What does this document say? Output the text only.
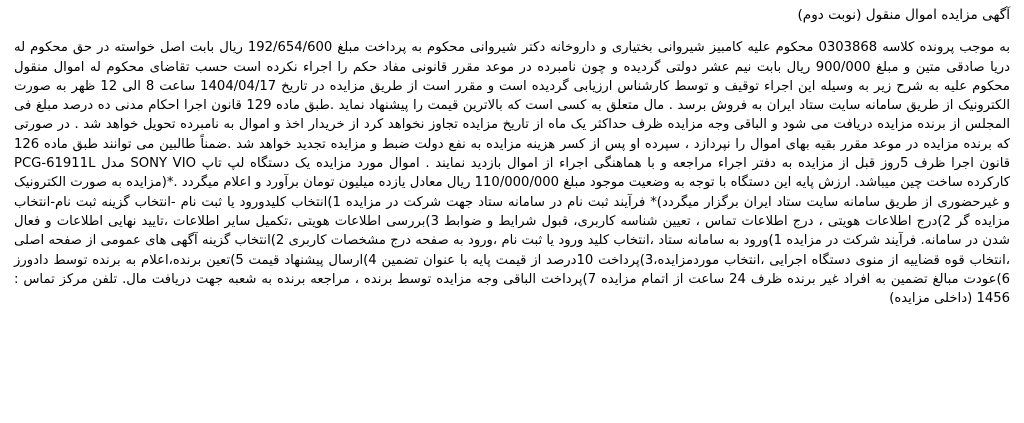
آگهی مزایده اموال منقول (نوبت دوم)
به موجب پرونده کلاسه 0303868 محکوم علیه کامبیز شیروانی بختیاری و داروخانه دکتر شیروانی محکوم به پرداخت مبلغ 192/654/600 ریال بابت اصل خواسته در حق محکوم له دریا صادقی متین و مبلغ 900/000 ریال بابت نیم عشر دولتی گردیده و چون نامبرده در موعد مقرر قانونی مفاد حکم را اجراء نکرده است حسب تقاضای محکوم له اموال منقول محکوم علیه به شرح زیر به وسیله این اجراء توقیف و توسط کارشناس ارزیابی گردیده است و مقرر است از طریق مزایده در تاریخ 1404/04/17 ساعت 8 الی 12 ظهر به صورت الکترونیک از طریق سامانه سایت ستاد ایران به فروش برسد . مال متعلق به کسی است که بالاترین قیمت را پیشنهاد نماید .طبق ماده 129 قانون اجرا احکام مدنی ده درصد مبلغ فی المجلس از برنده مزایده دریافت می شود و الباقی وجه مزایده ظرف حداکثر یک ماه از تاریخ مزایده تجاوز نخواهد کرد از خریدار اخذ و اموال به نامبرده تحویل خواهد شد . در صورتی که برنده مزایده در موعد مقرر بقیه بهای اموال را نپردازد ، سپرده او پس از کسر هزینه مزایده به نفع دولت ضبط و مزایده تجدید خواهد شد .ضمناً طالبین می توانند طبق ماده 126 قانون اجرا ظرف 5روز قبل از مزایده به دفتر اجراء مراجعه و با هماهنگی اجراء از اموال بازدید نمایند . اموال مورد مزایده یک دستگاه لپ تاپ SONY VIO مدل PCG-61911L کارکرده ساخت چین میباشد. ارزش پایه این دستگاه با توجه به وضعیت موجود مبلغ 110/000/000 ریال معادل یازده میلیون تومان برآورد و اعلام میگردد .*(مزایده به صورت الکترونیک و غیرحضوری از طریق سامانه سایت ستاد ایران برگزار میگردد)* فرآیند ثبت نام در سامانه ستاد جهت شرکت در مزایده 1)انتخاب کلیدورود یا ثبت نام -انتخاب گزینه ثبت نام-انتخاب مزایده گر 2)درج اطلاعات هویتی ، درج اطلاعات تماس ، تعیین شناسه کاربری، قبول شرایط و ضوابط 3)بررسی اطلاعات هویتی ،تکمیل سایر اطلاعات ،تایید نهایی اطلاعات و فعال شدن در سامانه. فرآیند شرکت در مزایده 1)ورود به سامانه ستاد ،انتخاب کلید ورود یا ثبت نام ،ورود به صفحه درج مشخصات کاربری 2)انتخاب گزینه آگهی های عمومی از صفحه اصلی ،انتخاب قوه قضاییه از منوی دستگاه اجرایی ،انتخاب موردمزایده،3)پرداخت 10درصد از قیمت پایه با عنوان تضمین 4)ارسال پیشنهاد قیمت 5)تعین برنده،اعلام به برنده توسط دادورز 6)عودت مبالغ تضمین به افراد غیر برنده ظرف 24 ساعت از اتمام مزایده 7)پرداخت الباقی وجه مزایده توسط برنده ، مراجعه برنده به شعبه جهت دریافت مال. تلفن مرکز تماس : 1456 (داخلی مزایده)
